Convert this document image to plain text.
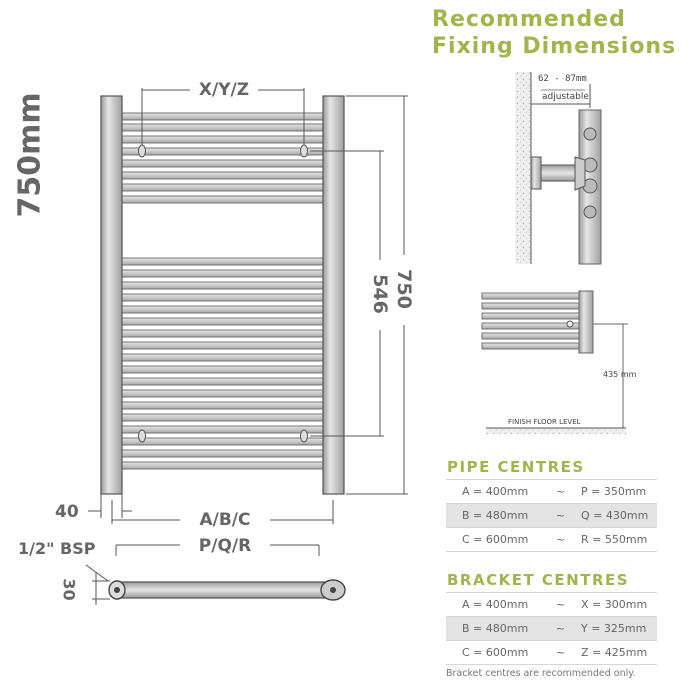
750mm
X/Y/Z
546 750
40	A/B/C
P/Q/R
1/2" BSP
30
Recommended
Fixing Dimensions
62 - 87mm
adjustable
435 mm
FINISH FLOOR LEVEL
PIPE CENTRES
A = 400mm	~	P = 350mm
B = 480mm	~	Q = 430mm
C = 600mm	~	R = 550mm
BRACKET CENTRES
A = 400mm	~	X = 300mm
B = 480mm	~	Y = 325mm
C = 600mm	~	Z = 425mm
Bracket centres are recommended only.
